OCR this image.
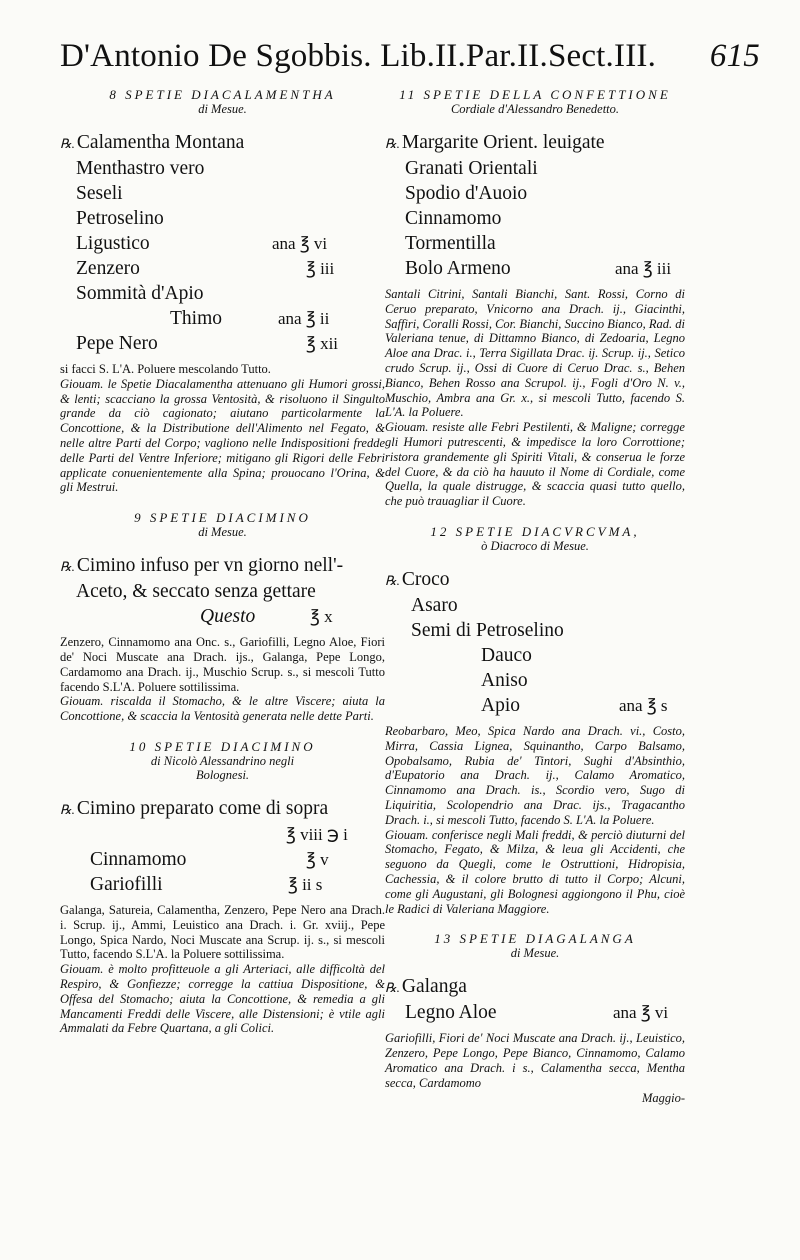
D'Antonio De Sgobbis. Lib.II.Par.II.Sect.III. 615
8 SPETIE DIACALAMENTHA
di Mesue.
℞. Calamentha Montana
Menthastro vero
Seseli
Petroselino
Ligustico	ana ℥ vi
Zenzero	℥ iii
Sommità d'Apio
Thimo	ana ℥ ii
Pepe Nero	℥ xii

si facci S. L'A. Poluere mescolando Tutto.

Giouam. le Spetie Diacalamentha attenuano gli Humori grossi, & lenti; scacciano la grossa Ventosità, & risoluono il Singulto grande da ciò cagionato; aiutano particolarmente la Concottione, & la Distributione dell'Alimento nel Fegato, & nelle altre Parti del Corpo; vagliono nelle Indispositioni fredde delle Parti del Ventre Inferiore; mitigano gli Rigori delle Febri applicate conuenientemente alla Spina; prouocano l'Orina, & gli Mestrui.

9 SPETIE DIACIMINO
di Mesue.
℞. Cimino infuso per vn giorno nell'-
Aceto, & seccato senza gettare
Questo	℥ x

Zenzero, Cinnamomo ana Onc. s., Gariofilli, Legno Aloe, Fiori de' Noci Muscate ana Drach. ijs., Galanga, Pepe Longo, Cardamomo ana Drach. ij., Muschio Scrup. s., si mescoli Tutto facendo S.L'A. Poluere sottilissima.

Giouam. riscalda il Stomacho, & le altre Viscere; aiuta la Concottione, & scaccia la Ventosità generata nelle dette Parti.

10 SPETIE DIACIMINO
di Nicolò Alessandrino negli
Bolognesi.
℞. Cimino preparato come di sopra
℥ viii ℈ i
Cinnamomo	℥ v
Gariofilli	℥ ii s

Galanga, Satureia, Calamentha, Zenzero, Pepe Nero ana Drach. i. Scrup. ij., Ammi, Leuistico ana Drach. i. Gr. xviij., Pepe Longo, Spica Nardo, Noci Muscate ana Scrup. ij. s., si mescoli Tutto, facendo S.L'A. la Poluere sottilissima.

Giouam. è molto profitteuole a gli Arteriaci, alle difficoltà del Respiro, & Gonfiezze; corregge la cattiua Dispositione, & Offesa del Stomacho; aiuta la Concottione, & remedia a gli Mancamenti Freddi delle Viscere, alle Distensioni; è vtile agli Ammalati da Febre Quartana, a gli Colici.

11 SPETIE DELLA CONFETTIONE
Cordiale d'Alessandro Benedetto.
℞. Margarite Orient. leuigate
Granati Orientali
Spodio d'Auoio
Cinnamomo
Tormentilla
Bolo Armeno	ana ℥ iii

Santali Citrini, Santali Bianchi, Sant. Rossi, Corno di Ceruo preparato, Vnicorno ana Drach. ij., Giacinthi, Saffiri, Coralli Rossi, Cor. Bianchi, Succino Bianco, Rad. di Valeriana tenue, di Dittamno Bianco, di Zedoaria, Legno Aloe ana Drac. i., Terra Sigillata Drac. ij. Scrup. ij., Setico crudo Scrup. ij., Ossi di Cuore di Ceruo Drac. s., Behen Bianco, Behen Rosso ana Scrupol. ij., Fogli d'Oro N. v., Muschio, Ambra ana Gr. x., si mescoli Tutto, facendo S. L'A. la Poluere.

Giouam. resiste alle Febri Pestilenti, & Maligne; corregge gli Humori putrescenti, & impedisce la loro Corrottione; ristora grandemente gli Spiriti Vitali, & conserua le forze del Cuore, & da ciò ha hauuto il Nome di Cordiale, come Quella, la quale distrugge, & scaccia quasi tutto quello, che può trauagliar il Cuore.

12 SPETIE DIACVRCVMA,
ò Diacroco di Mesue.
℞. Croco
Asaro
Semi di Petroselino
Dauco
Aniso
Apio	ana ℥ s

Reobarbaro, Meo, Spica Nardo ana Drach. vi., Costo, Mirra, Cassia Lignea, Squinantho, Carpo Balsamo, Opobalsamo, Rubia de' Tintori, Sughi d'Absinthio, d'Eupatorio ana Drach. ij., Calamo Aromatico, Cinnamomo ana Drach. is., Scordio vero, Sugo di Liquiritia, Scolopendrio ana Drac. ijs., Tragacantho Drach. i., si mescoli Tutto, facendo S. L'A. la Poluere.

Giouam. conferisce negli Mali freddi, & perciò diuturni del Stomacho, Fegato, & Milza, & leua gli Accidenti, che seguono da Quegli, come le Ostruttioni, Hidropisia, Cachessia, & il colore brutto di tutto il Corpo; Alcuni, come gli Augustani, gli Bolognesi aggiongono il Phu, cioè le Radici di Valeriana Maggiore.

13 SPETIE DIAGALANGA
di Mesue.
℞. Galanga
Legno Aloe	ana ℥ vi

Gariofilli, Fiori de' Noci Muscate ana Drach. ij., Leuistico, Zenzero, Pepe Longo, Pepe Bianco, Cinnamomo, Calamo Aromatico ana Drach. i s., Calamentha secca, Mentha secca, Cardamomo

Maggio-
